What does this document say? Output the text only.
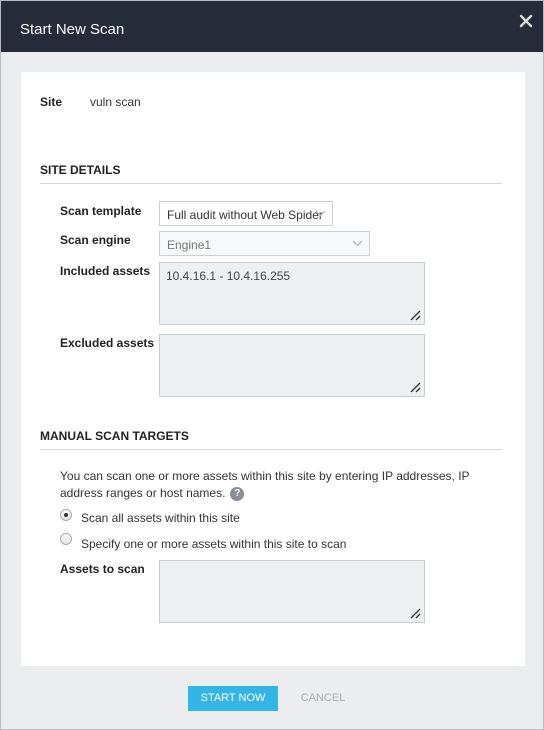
Start New Scan
Site vuln scan
SITE DETAILS
Scan template	Full audit without Web Spider
Scan engine	Engine1
Included assets	10.4.16.1 - 10.4.16.255
Excluded assets
MANUAL SCAN TARGETS
You can scan one or more assets within this site by entering IP addresses, IP address ranges or host names. ?
Scan all assets within this site
Specify one or more assets within this site to scan
Assets to scan
START NOW	CANCEL
